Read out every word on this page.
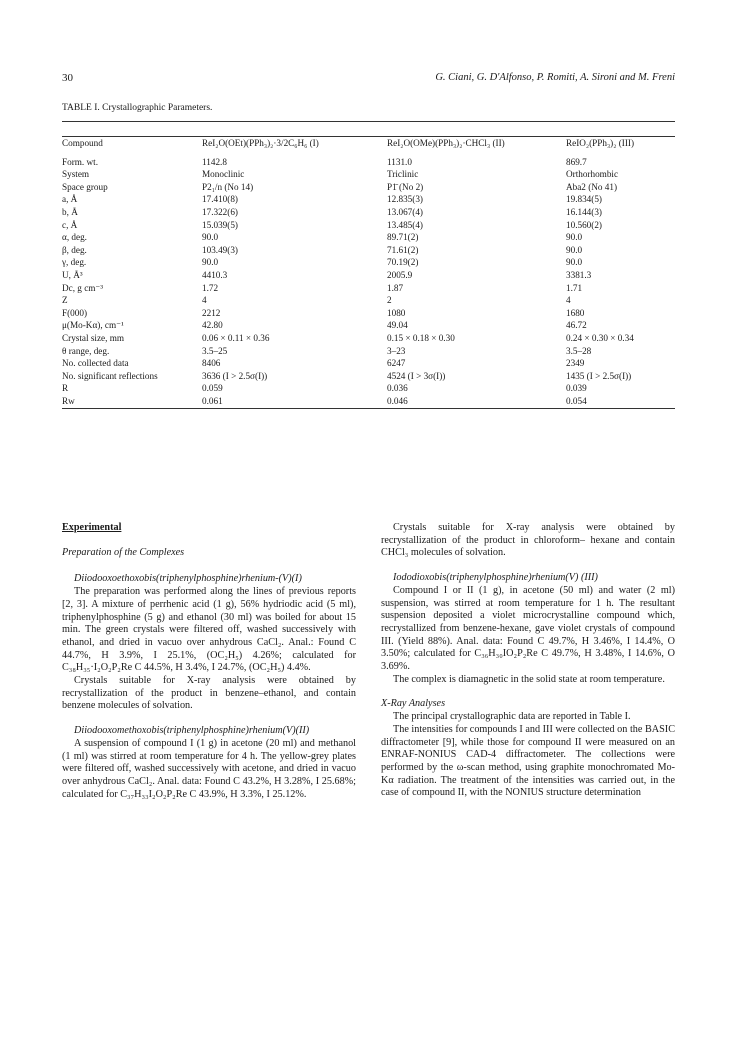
30	G. Ciani, G. D'Alfonso, P. Romiti, A. Sironi and M. Freni
TABLE I. Crystallographic Parameters.
Compound	ReI₂O(OEt)(PPh₃)₂·3/2C₆H₆ (I)	ReI₂O(OMe)(PPh₃)₂·CHCl₃ (II)	ReIO₂(PPh₃)₂ (III)
Form. wt.	1142.8	1131.0	869.7
System	Monoclinic	Triclinic	Orthorhombic
Space group	P2₁/n (No 14)	P1̄ (No 2)	Aba2 (No 41)
a, Å	17.410(8)	12.835(3)	19.834(5)
b, Å	17.322(6)	13.067(4)	16.144(3)
c, Å	15.039(5)	13.485(4)	10.560(2)
α, deg.	90.0	89.71(2)	90.0
β, deg.	103.49(3)	71.61(2)	90.0
γ, deg.	90.0	70.19(2)	90.0
U, Å³	4410.3	2005.9	3381.3
Dc, g cm⁻³	1.72	1.87	1.71
Z	4	2	4
F(000)	2212	1080	1680
μ(Mo-Kα), cm⁻¹	42.80	49.04	46.72
Crystal size, mm	0.06 × 0.11 × 0.36	0.15 × 0.18 × 0.30	0.24 × 0.30 × 0.34
θ range, deg.	3.5–25	3–23	3.5–28
No. collected data	8406	6247	2349
No. significant reflections	3636 (I > 2.5σ(I))	4524 (I > 3σ(I))	1435 (I > 2.5σ(I))
R	0.059	0.036	0.039
Rw	0.061	0.046	0.054
Experimental
Preparation of the Complexes
Diiodooxoethoxobis(triphenylphosphine)rhenium-(V)(I)

The preparation was performed along the lines of previous reports [2, 3]. A mixture of perrhenic acid (1 g), 56% hydriodic acid (5 ml), triphenylphosphine (5 g) and ethanol (30 ml) was boiled for about 15 min. The green crystals were filtered off, washed successively with ethanol, and dried in vacuo over anhydrous CaCl₂. Anal.: Found C 44.7%, H 3.9%, I 25.1%, (OC₂H₅) 4.26%; calculated for C₃₈H₃₅·I₂O₂P₂Re C 44.5%, H 3.4%, I 24.7%, (OC₂H₅) 4.4%.

Crystals suitable for X-ray analysis were obtained by recrystallization of the product in benzene–ethanol, and contain benzene molecules of solvation.

Diiodooxomethoxobis(triphenylphosphine)rhenium(V)(II)

A suspension of compound I (1 g) in acetone (20 ml) and methanol (1 ml) was stirred at room temperature for 4 h. The yellow-grey plates were filtered off, washed successively with acetone, and dried in vacuo over anhydrous CaCl₂. Anal. data: Found C 43.2%, H 3.28%, I 25.68%; calculated for C₃₇H₃₃I₂O₂P₂Re C 43.9%, H 3.3%, I 25.12%.

Crystals suitable for X-ray analysis were obtained by recrystallization of the product in chloroform– hexane and contain CHCl₃ molecules of solvation.

Iododioxobis(triphenylphosphine)rhenium(V) (III)

Compound I or II (1 g), in acetone (50 ml) and water (2 ml) suspension, was stirred at room temperature for 1 h. The resultant suspension deposited a violet microcrystalline compound which, recrystallized from benzene-hexane, gave violet crystals of compound III. (Yield 88%). Anal. data: Found C 49.7%, H 3.46%, I 14.4%, O 3.50%; calculated for C₃₆H₃₀IO₂P₂Re C 49.7%, H 3.48%, I 14.6%, O 3.69%.

The complex is diamagnetic in the solid state at room temperature.

X-Ray Analyses

The principal crystallographic data are reported in Table I.

The intensities for compounds I and III were collected on the BASIC diffractometer [9], while those for compound II were measured on an ENRAF-NONIUS CAD-4 diffractometer. The collections were performed by the ω-scan method, using graphite monochromated Mo-Kα radiation. The treatment of the intensities was carried out, in the case of compound II, with the NONIUS structure determination
